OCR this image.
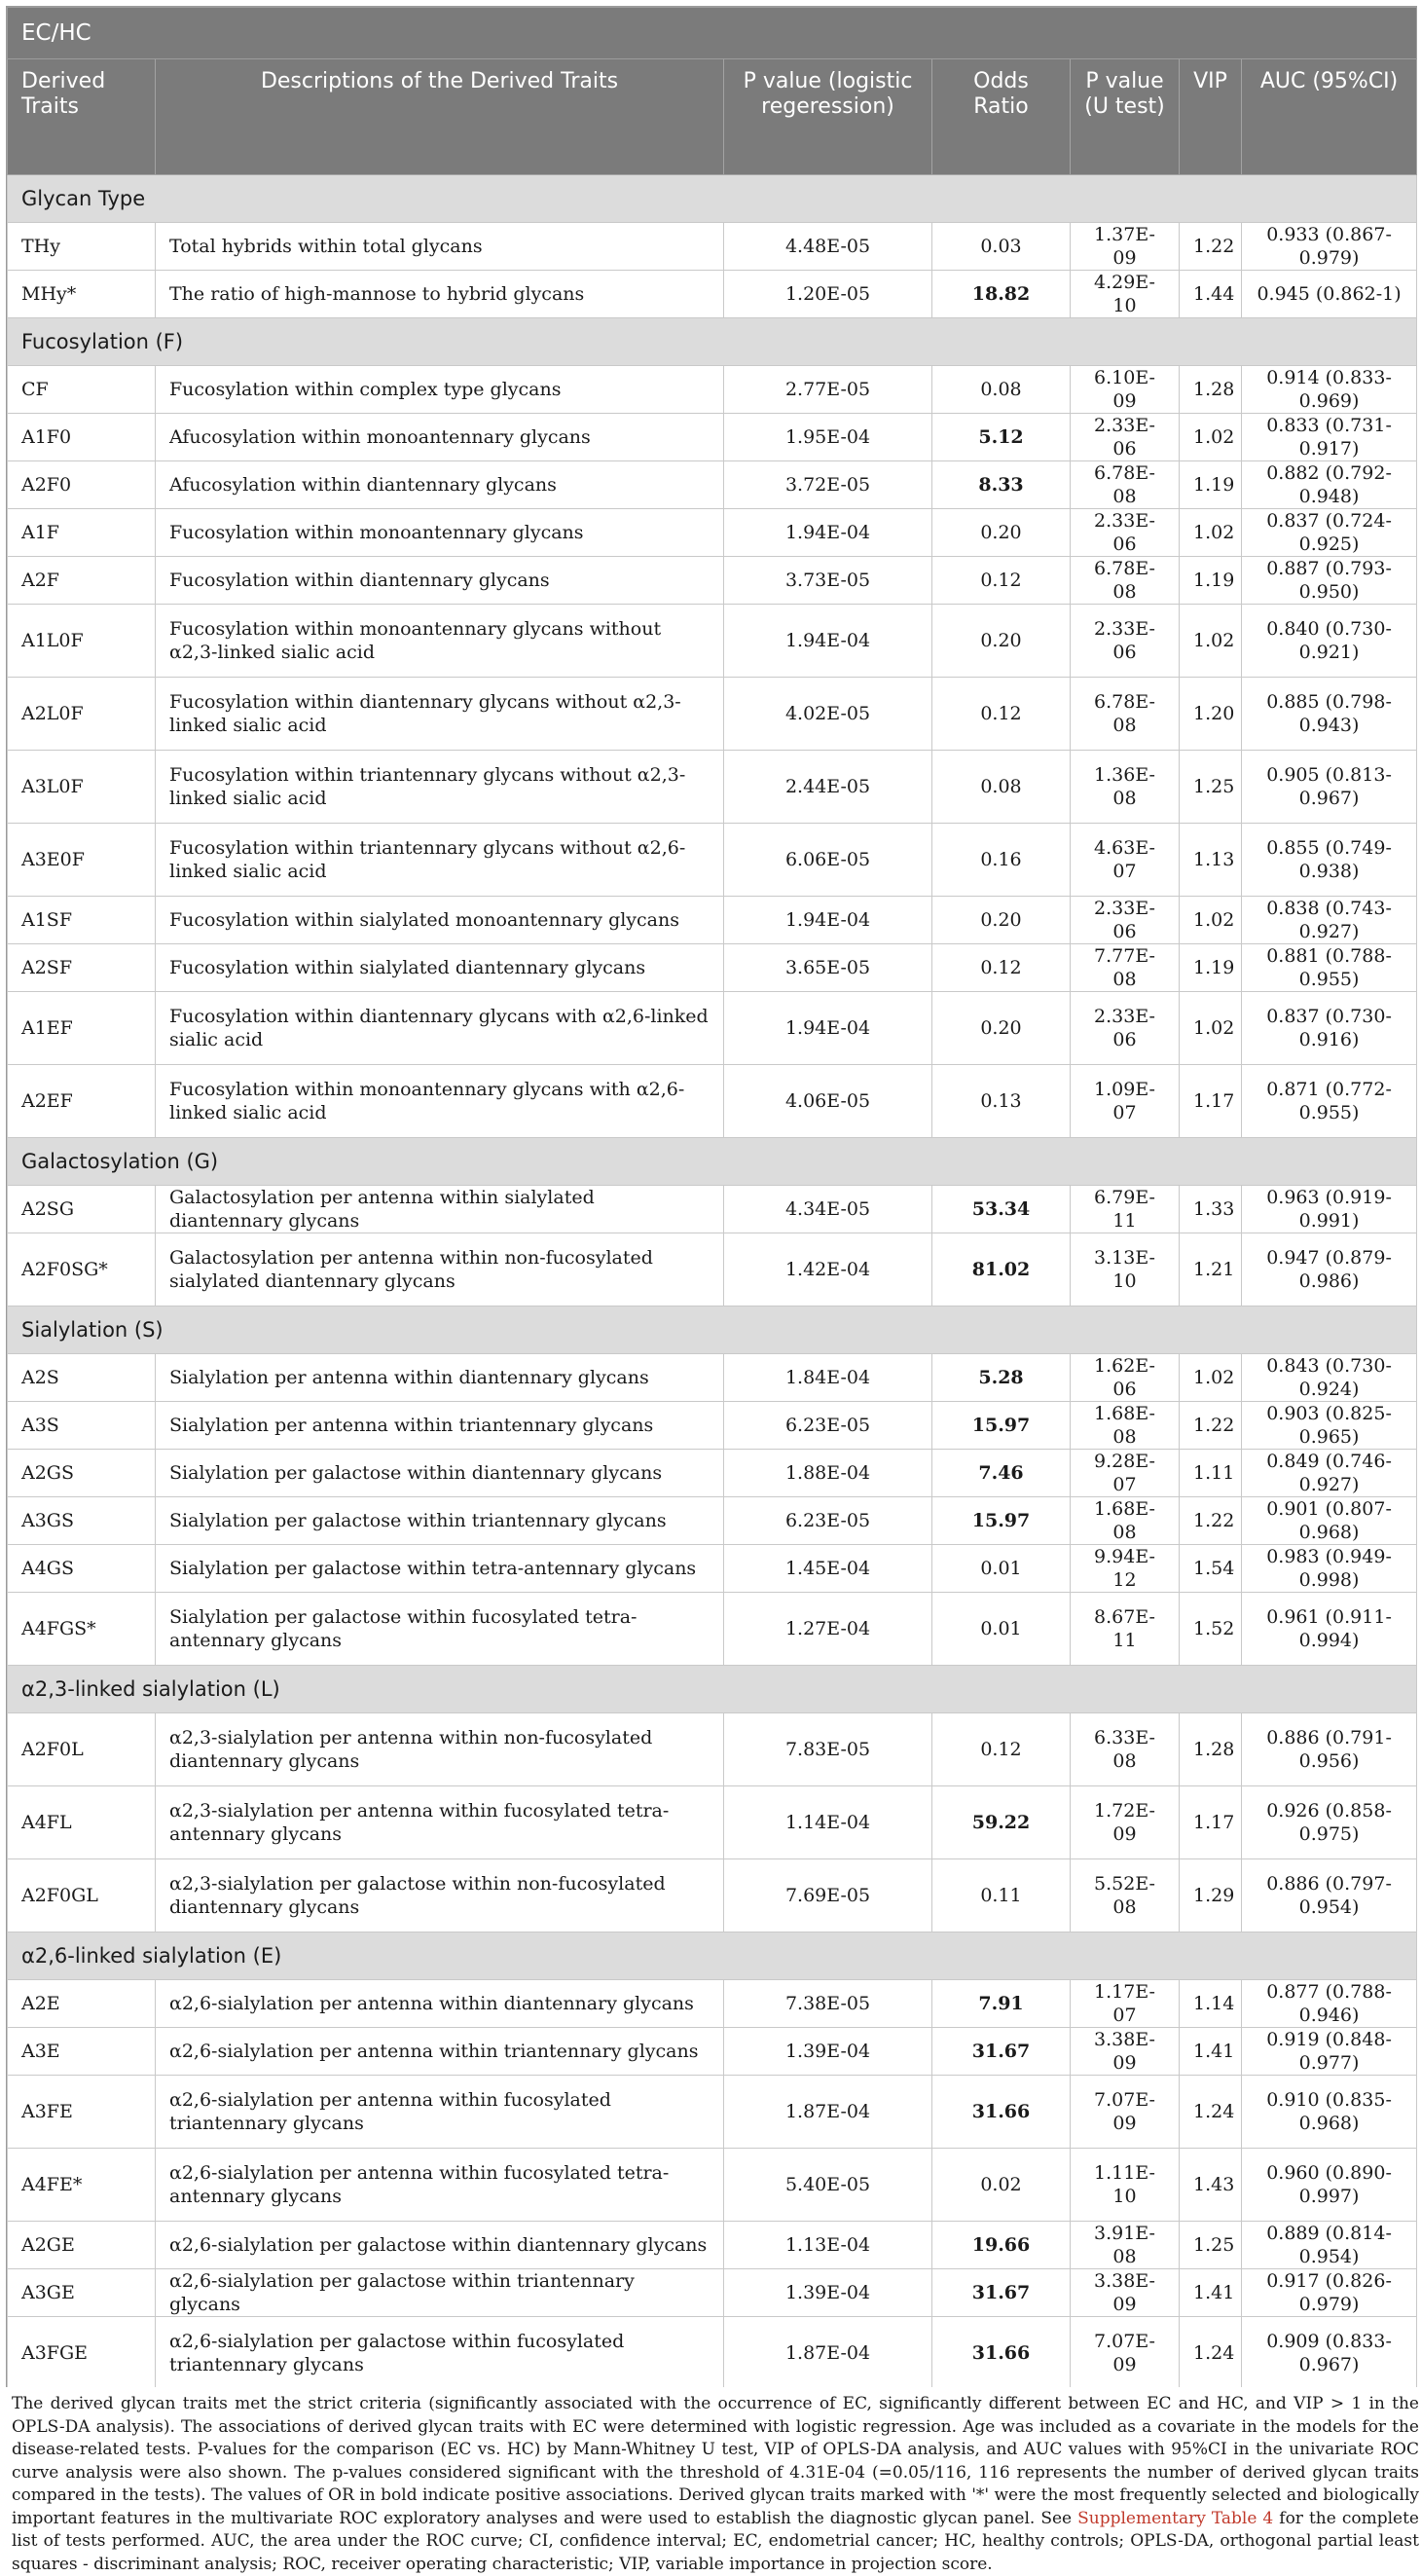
EC/HC						
Derived Traits	Descriptions of the Derived Traits	P value (logistic regeression)	Odds Ratio	P value (U test)	VIP	AUC (95%CI)
Glycan Type						
THy	Total hybrids within total glycans	4.48E-05	0.03	1.37E-09	1.22	0.933 (0.867-0.979)
MHy*	The ratio of high-mannose to hybrid glycans	1.20E-05	18.82	4.29E-10	1.44	0.945 (0.862-1)
Fucosylation (F)						
CF	Fucosylation within complex type glycans	2.77E-05	0.08	6.10E-09	1.28	0.914 (0.833-0.969)
A1F0	Afucosylation within monoantennary glycans	1.95E-04	5.12	2.33E-06	1.02	0.833 (0.731-0.917)
A2F0	Afucosylation within diantennary glycans	3.72E-05	8.33	6.78E-08	1.19	0.882 (0.792-0.948)
A1F	Fucosylation within monoantennary glycans	1.94E-04	0.20	2.33E-06	1.02	0.837 (0.724-0.925)
A2F	Fucosylation within diantennary glycans	3.73E-05	0.12	6.78E-08	1.19	0.887 (0.793-0.950)
A1L0F	Fucosylation within monoantennary glycans without α2,3-linked sialic acid	1.94E-04	0.20	2.33E-06	1.02	0.840 (0.730-0.921)
A2L0F	Fucosylation within diantennary glycans without α2,3-linked sialic acid	4.02E-05	0.12	6.78E-08	1.20	0.885 (0.798-0.943)
A3L0F	Fucosylation within triantennary glycans without α2,3-linked sialic acid	2.44E-05	0.08	1.36E-08	1.25	0.905 (0.813-0.967)
A3E0F	Fucosylation within triantennary glycans without α2,6-linked sialic acid	6.06E-05	0.16	4.63E-07	1.13	0.855 (0.749-0.938)
A1SF	Fucosylation within sialylated monoantennary glycans	1.94E-04	0.20	2.33E-06	1.02	0.838 (0.743-0.927)
A2SF	Fucosylation within sialylated diantennary glycans	3.65E-05	0.12	7.77E-08	1.19	0.881 (0.788-0.955)
A1EF	Fucosylation within diantennary glycans with α2,6-linked sialic acid	1.94E-04	0.20	2.33E-06	1.02	0.837 (0.730-0.916)
A2EF	Fucosylation within monoantennary glycans with α2,6-linked sialic acid	4.06E-05	0.13	1.09E-07	1.17	0.871 (0.772-0.955)
Galactosylation (G)						
A2SG	Galactosylation per antenna within sialylated diantennary glycans	4.34E-05	53.34	6.79E-11	1.33	0.963 (0.919-0.991)
A2F0SG*	Galactosylation per antenna within non-fucosylated sialylated diantennary glycans	1.42E-04	81.02	3.13E-10	1.21	0.947 (0.879-0.986)
Sialylation (S)						
A2S	Sialylation per antenna within diantennary glycans	1.84E-04	5.28	1.62E-06	1.02	0.843 (0.730-0.924)
A3S	Sialylation per antenna within triantennary glycans	6.23E-05	15.97	1.68E-08	1.22	0.903 (0.825-0.965)
A2GS	Sialylation per galactose within diantennary glycans	1.88E-04	7.46	9.28E-07	1.11	0.849 (0.746-0.927)
A3GS	Sialylation per galactose within triantennary glycans	6.23E-05	15.97	1.68E-08	1.22	0.901 (0.807-0.968)
A4GS	Sialylation per galactose within tetra-antennary glycans	1.45E-04	0.01	9.94E-12	1.54	0.983 (0.949-0.998)
A4FGS*	Sialylation per galactose within fucosylated tetra-antennary glycans	1.27E-04	0.01	8.67E-11	1.52	0.961 (0.911-0.994)
α2,3-linked sialylation (L)						
A2F0L	α2,3-sialylation per antenna within non-fucosylated diantennary glycans	7.83E-05	0.12	6.33E-08	1.28	0.886 (0.791-0.956)
A4FL	α2,3-sialylation per antenna within fucosylated tetra-antennary glycans	1.14E-04	59.22	1.72E-09	1.17	0.926 (0.858-0.975)
A2F0GL	α2,3-sialylation per galactose within non-fucosylated diantennary glycans	7.69E-05	0.11	5.52E-08	1.29	0.886 (0.797-0.954)
α2,6-linked sialylation (E)						
A2E	α2,6-sialylation per antenna within diantennary glycans	7.38E-05	7.91	1.17E-07	1.14	0.877 (0.788-0.946)
A3E	α2,6-sialylation per antenna within triantennary glycans	1.39E-04	31.67	3.38E-09	1.41	0.919 (0.848-0.977)
A3FE	α2,6-sialylation per antenna within fucosylated triantennary glycans	1.87E-04	31.66	7.07E-09	1.24	0.910 (0.835-0.968)
A4FE*	α2,6-sialylation per antenna within fucosylated tetra-antennary glycans	5.40E-05	0.02	1.11E-10	1.43	0.960 (0.890-0.997)
A2GE	α2,6-sialylation per galactose within diantennary glycans	1.13E-04	19.66	3.91E-08	1.25	0.889 (0.814-0.954)
A3GE	α2,6-sialylation per galactose within triantennary glycans	1.39E-04	31.67	3.38E-09	1.41	0.917 (0.826-0.979)
A3FGE	α2,6-sialylation per galactose within fucosylated triantennary glycans	1.87E-04	31.66	7.07E-09	1.24	0.909 (0.833-0.967)
The derived glycan traits met the strict criteria (significantly associated with the occurrence of EC, significantly different between EC and HC, and VIP > 1 in the OPLS-DA analysis). The associations of derived glycan traits with EC were determined with logistic regression. Age was included as a covariate in the models for the disease-related tests. P-values for the comparison (EC vs. HC) by Mann-Whitney U test, VIP of OPLS-DA analysis, and AUC values with 95%CI in the univariate ROC curve analysis were also shown. The p-values considered significant with the threshold of 4.31E-04 (=0.05/116, 116 represents the number of derived glycan traits compared in the tests). The values of OR in bold indicate positive associations. Derived glycan traits marked with '*' were the most frequently selected and biologically important features in the multivariate ROC exploratory analyses and were used to establish the diagnostic glycan panel. See Supplementary Table 4 for the complete list of tests performed. AUC, the area under the ROC curve; CI, confidence interval; EC, endometrial cancer; HC, healthy controls; OPLS-DA, orthogonal partial least squares - discriminant analysis; ROC, receiver operating characteristic; VIP, variable importance in projection score.
